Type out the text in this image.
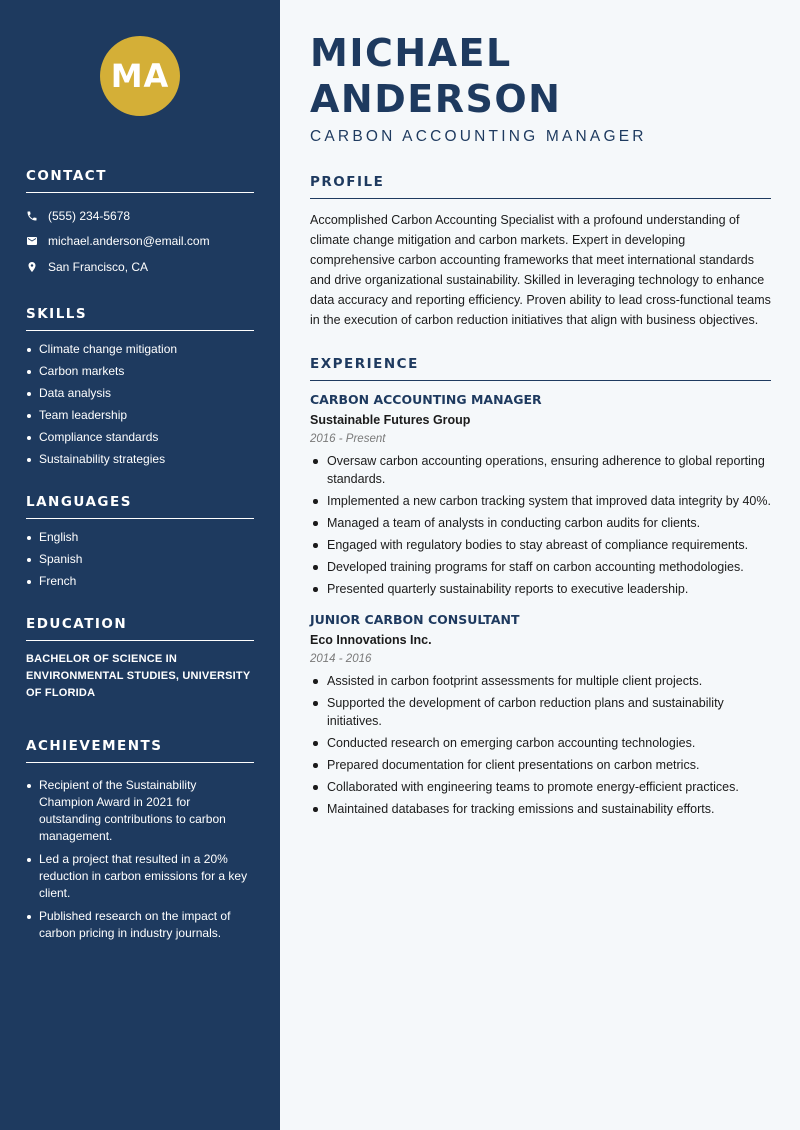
MA
CONTACT
(555) 234-5678
michael.anderson@email.com
San Francisco, CA
SKILLS
Climate change mitigation
Carbon markets
Data analysis
Team leadership
Compliance standards
Sustainability strategies
LANGUAGES
English
Spanish
French
EDUCATION

BACHELOR OF SCIENCE IN ENVIRONMENTAL STUDIES, UNIVERSITY OF FLORIDA

ACHIEVEMENTS
Recipient of the Sustainability Champion Award in 2021 for outstanding contributions to carbon management.
Led a project that resulted in a 20% reduction in carbon emissions for a key client.
Published research on the impact of carbon pricing in industry journals.
MICHAEL ANDERSON
CARBON ACCOUNTING MANAGER
PROFILE

Accomplished Carbon Accounting Specialist with a profound understanding of climate change mitigation and carbon markets. Expert in developing comprehensive carbon accounting frameworks that meet international standards and drive organizational sustainability. Skilled in leveraging technology to enhance data accuracy and reporting efficiency. Proven ability to lead cross-functional teams in the execution of carbon reduction initiatives that align with business objectives.

EXPERIENCE
CARBON ACCOUNTING MANAGER
Sustainable Futures Group
2016 - Present
Oversaw carbon accounting operations, ensuring adherence to global reporting standards.
Implemented a new carbon tracking system that improved data integrity by 40%.
Managed a team of analysts in conducting carbon audits for clients.
Engaged with regulatory bodies to stay abreast of compliance requirements.
Developed training programs for staff on carbon accounting methodologies.
Presented quarterly sustainability reports to executive leadership.
JUNIOR CARBON CONSULTANT
Eco Innovations Inc.
2014 - 2016
Assisted in carbon footprint assessments for multiple client projects.
Supported the development of carbon reduction plans and sustainability initiatives.
Conducted research on emerging carbon accounting technologies.
Prepared documentation for client presentations on carbon metrics.
Collaborated with engineering teams to promote energy-efficient practices.
Maintained databases for tracking emissions and sustainability efforts.
